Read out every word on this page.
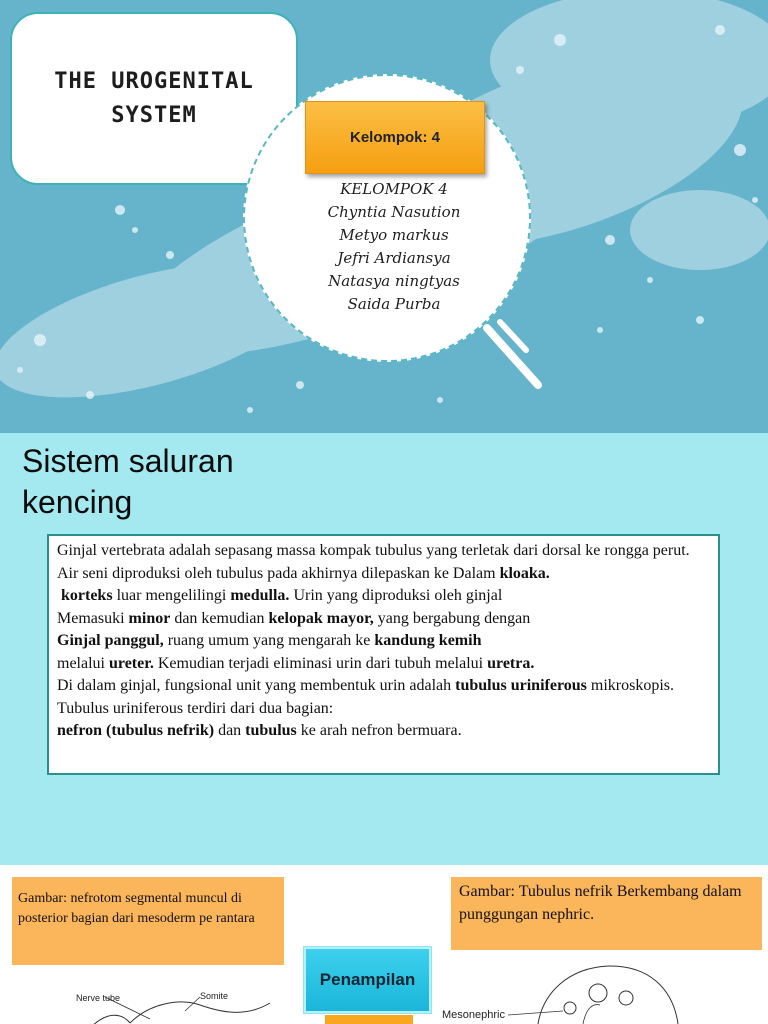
THE UROGENITAL
SYSTEM
Kelompok: 4
KELOMPOK 4
Chyntia Nasution
Metyo markus
Jefri Ardiansya
Natasya ningtyas
Saida Purba
Sistem saluran
kencing

Ginjal vertebrata adalah sepasang massa kompak tubulus yang terletak dari dorsal ke rongga perut. Air seni diproduksi oleh tubulus pada akhirnya dilepaskan ke Dalam kloaka.

korteks luar mengelilingi medulla. Urin yang diproduksi oleh ginjal

Memasuki minor dan kemudian kelopak mayor, yang bergabung dengan

Ginjal panggul, ruang umum yang mengarah ke kandung kemih

melalui ureter. Kemudian terjadi eliminasi urin dari tubuh melalui uretra.

Di dalam ginjal, fungsional unit yang membentuk urin adalah tubulus uriniferous mikroskopis. Tubulus uriniferous terdiri dari dua bagian:

nefron (tubulus nefrik) dan tubulus ke arah nefron bermuara.

Gambar: nefrotom segmental muncul di posterior bagian dari mesoderm pe rantara
Gambar: Tubulus nefrik Berkembang dalam punggungan nephric.
Nerve tube	Somite
Penampilan
Mesonephric
